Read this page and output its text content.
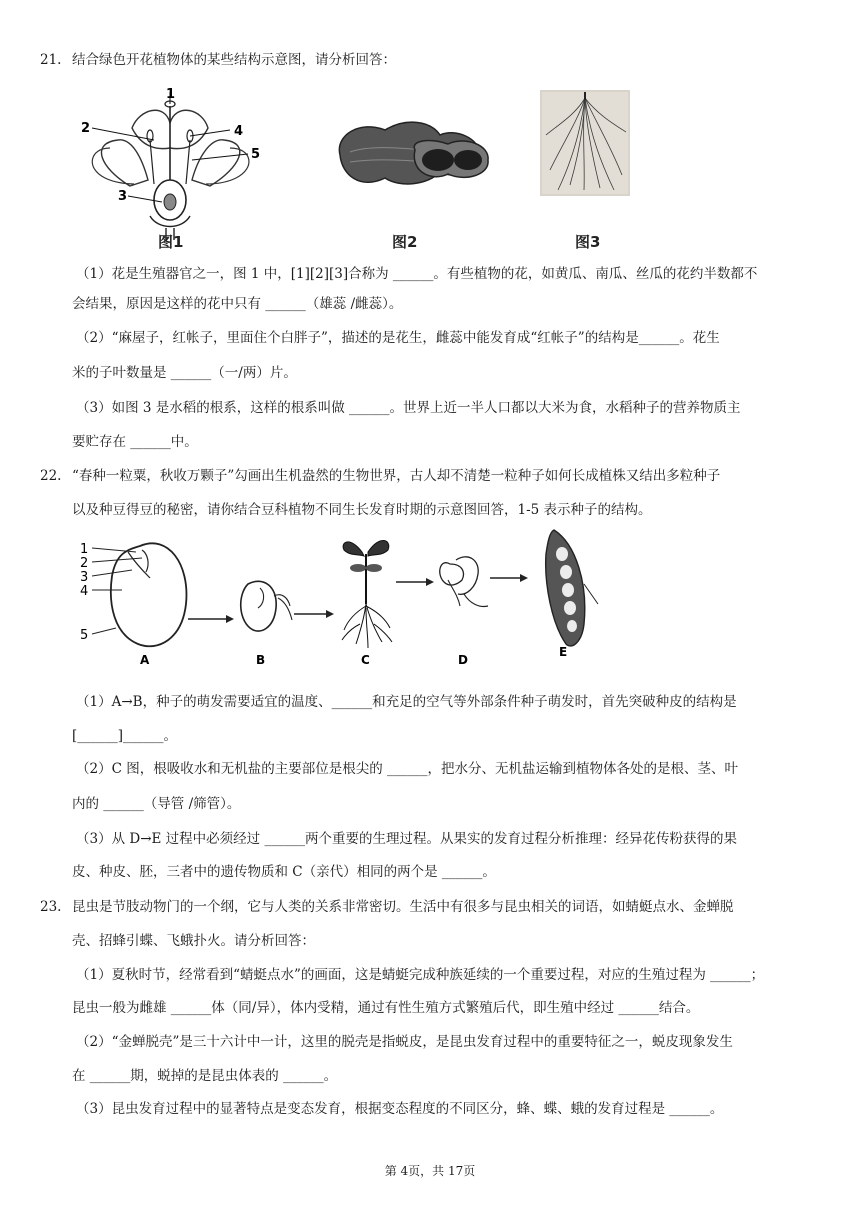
21. 结合绿色开花植物体的某些结构示意图，请分析回答：
1
2
3
4
5
图1	图2	图3
（1）花是生殖器官之一，图 1 中，[1][2][3]合称为 ______。有些植物的花，如黄瓜、南瓜、丝瓜的花约半数都不
会结果，原因是这样的花中只有 ______（雄蕊 /雌蕊）。
（2）“麻屋子，红帐子，里面住个白胖子”，描述的是花生，雌蕊中能发育成“红帐子”的结构是______。花生
米的子叶数量是 ______（一/两）片。
（3）如图 3 是水稻的根系，这样的根系叫做 ______。世界上近一半人口都以大米为食，水稻种子的营养物质主
要贮存在 ______中。
22. “春种一粒粟，秋收万颗子”勾画出生机盎然的生物世界，古人却不清楚一粒种子如何长成植株又结出多粒种子
以及种豆得豆的秘密，请你结合豆科植物不同生长发育时期的示意图回答，1-5 表示种子的结构。
1
2
3
4
5
A	B	C	D
E
（1）A→B，种子的萌发需要适宜的温度、______和充足的空气等外部条件种子萌发时，首先突破种皮的结构是
[______]______。
（2）C 图，根吸收水和无机盐的主要部位是根尖的 ______，把水分、无机盐运输到植物体各处的是根、茎、叶
内的 ______（导管 /筛管）。
（3）从 D→E 过程中必须经过 ______两个重要的生理过程。从果实的发育过程分析推理：经异花传粉获得的果
皮、种皮、胚，三者中的遗传物质和 C（亲代）相同的两个是 ______。
23. 昆虫是节肢动物门的一个纲，它与人类的关系非常密切。生活中有很多与昆虫相关的词语，如蜻蜓点水、金蝉脱
壳、招蜂引蝶、飞蛾扑火。请分析回答：
（1）夏秋时节，经常看到“蜻蜓点水”的画面，这是蜻蜓完成种族延续的一个重要过程，对应的生殖过程为 ______；
昆虫一般为雌雄 ______体（同/异），体内受精，通过有性生殖方式繁殖后代，即生殖中经过 ______结合。
（2）“金蝉脱壳”是三十六计中一计，这里的脱壳是指蜕皮，是昆虫发育过程中的重要特征之一，蜕皮现象发生
在 ______期，蜕掉的是昆虫体表的 ______。
（3）昆虫发育过程中的显著特点是变态发育，根据变态程度的不同区分，蜂、蝶、蛾的发育过程是 ______。
第 4页，共 17页
